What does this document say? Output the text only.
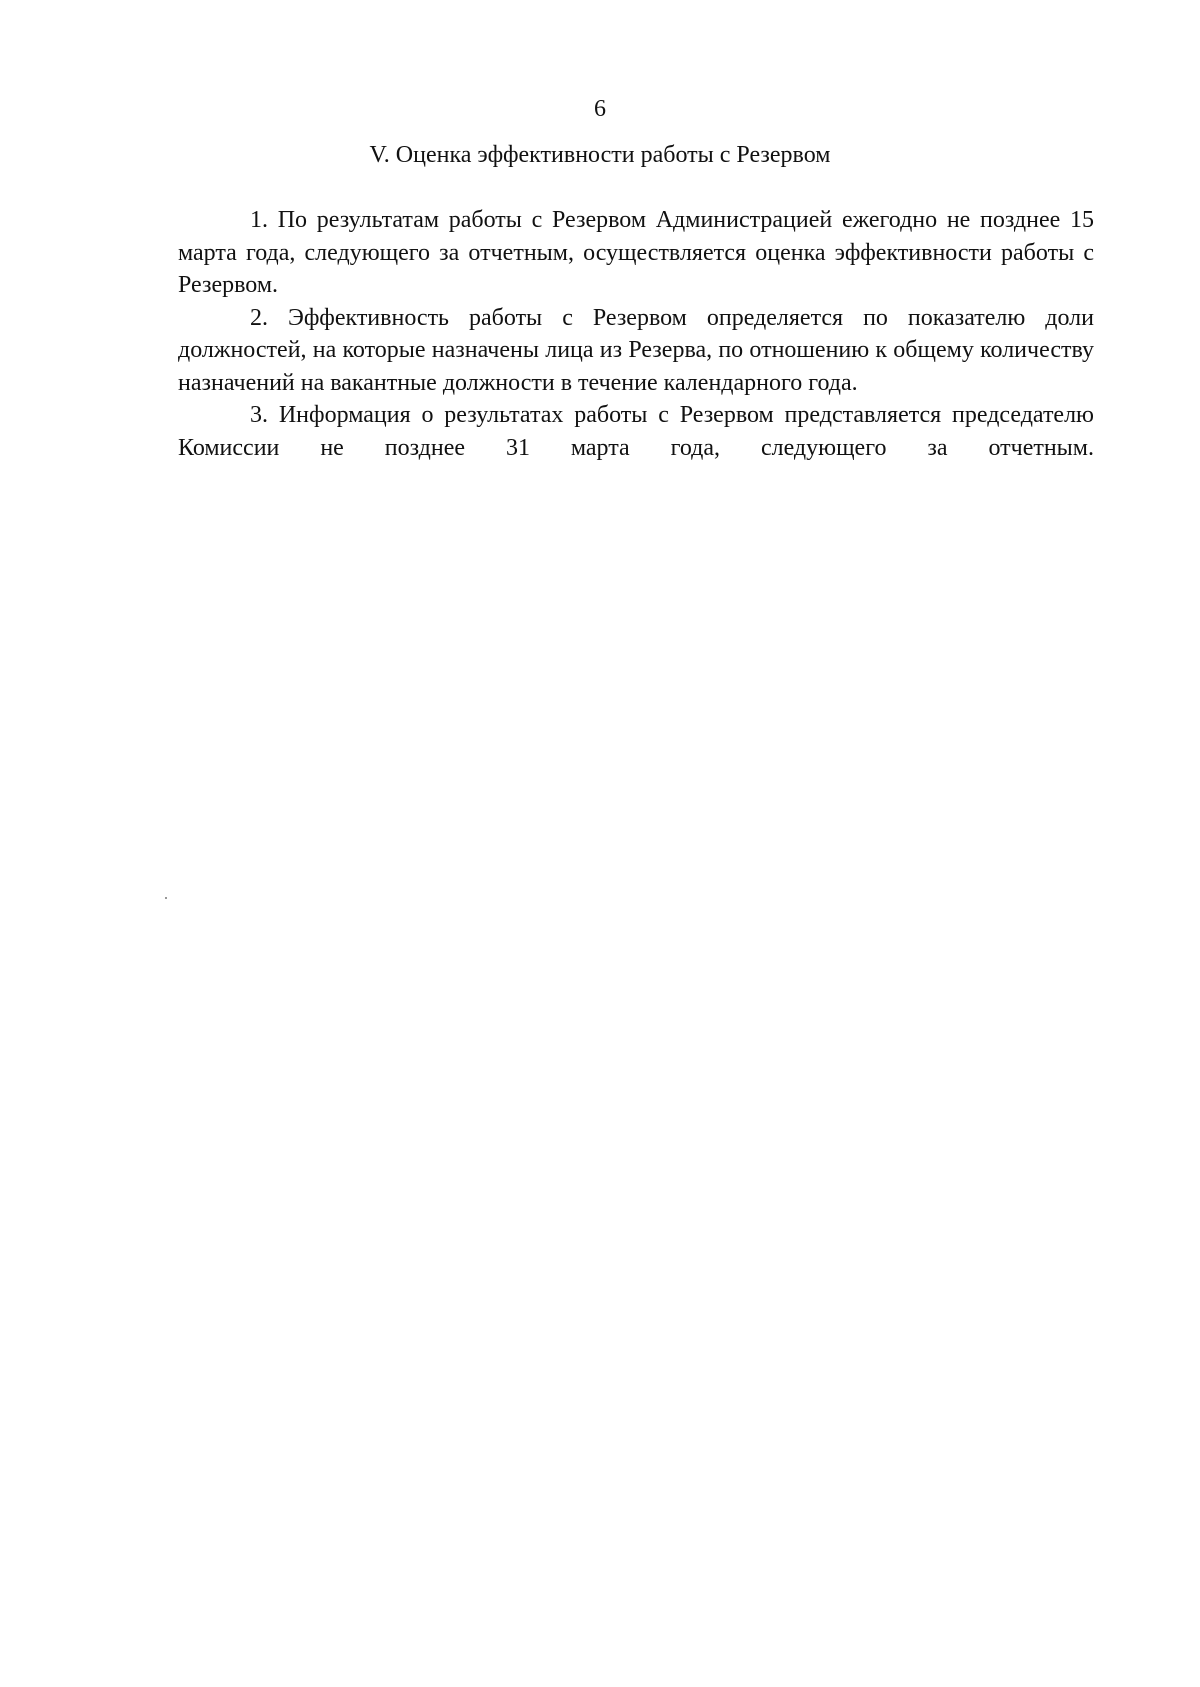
6
V. Оценка эффективности работы с Резервом

1. По результатам работы с Резервом Администрацией ежегодно не позднее 15 марта года, следующего за отчетным, осуществляется оценка эффективности работы с Резервом.

2. Эффективность работы с Резервом определяется по показателю доли должностей, на которые назначены лица из Резерва, по отношению к общему количеству назначений на вакантные должности в течение календарного года.

3. Информация о результатах работы с Резервом представляется председателю Комиссии не позднее 31 марта года, следующего за отчетным.
